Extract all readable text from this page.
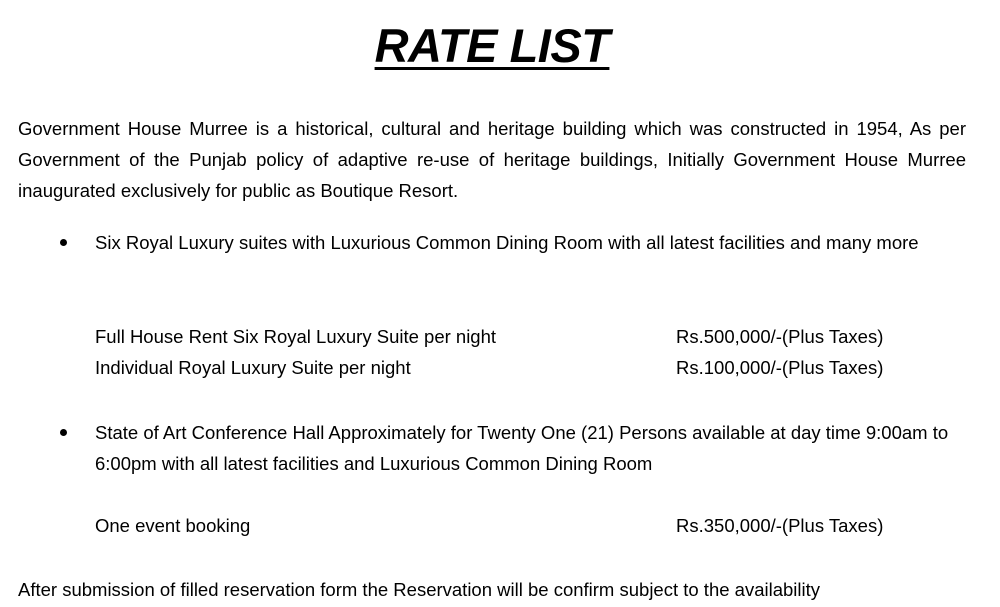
RATE LIST
Government House Murree is a historical, cultural and heritage building which was constructed in 1954, As per Government of the Punjab policy of adaptive re-use of heritage buildings, Initially Government House Murree inaugurated exclusively for public as Boutique Resort.
Six Royal Luxury suites with Luxurious Common Dining Room with all latest facilities and many more
Full House Rent Six Royal Luxury Suite per night	Rs.500,000/-(Plus Taxes)
Individual Royal Luxury Suite per night	Rs.100,000/-(Plus Taxes)
State of Art Conference Hall Approximately for Twenty One (21) Persons available at day time 9:00am to 6:00pm with all latest facilities and Luxurious Common Dining Room
One event booking	Rs.350,000/-(Plus Taxes)
After submission of filled reservation form the Reservation will be confirm subject to the availability
